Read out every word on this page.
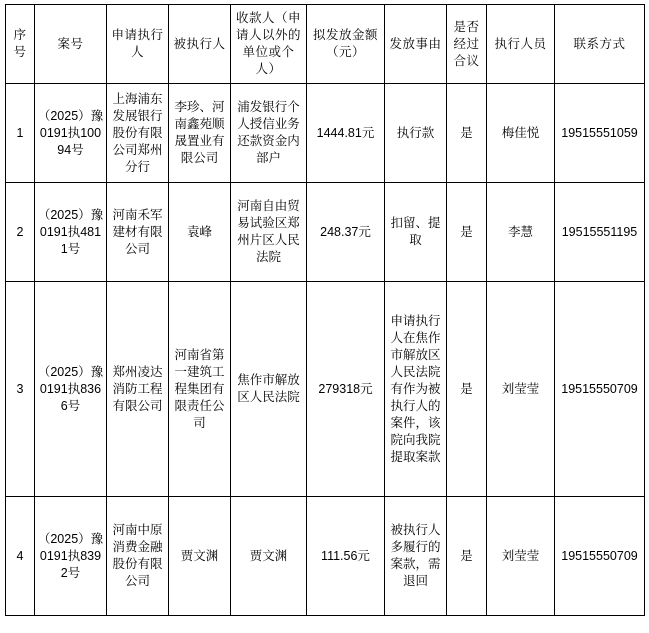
序号	案号	申请执行人	被执行人	收款人（申请人以外的单位或个人）	拟发放金额（元）	发放事由	是否经过合议	执行人员	联系方式
1	（2025）豫0191执10094号	上海浦东发展银行股份有限公司郑州分行	李珍、河南鑫苑顺晟置业有限公司	浦发银行个人授信业务还款资金内部户	1444.81元	执行款	是	梅佳悦	19515551059
2	（2025）豫0191执4811号	河南禾军建材有限公司	袁峰	河南自由贸易试验区郑州片区人民法院	248.37元	扣留、提取	是	李慧	19515551195
3	（2025）豫0191执8366号	郑州凌达消防工程有限公司	河南省第一建筑工程集团有限责任公司	焦作市解放区人民法院	279318元	申请执行人在焦作市解放区人民法院有作为被执行人的案件，该院向我院提取案款	是	刘莹莹	19515550709
4	（2025）豫0191执8392号	河南中原消费金融股份有限公司	贾文渊	贾文渊	111.56元	被执行人多履行的案款，需退回	是	刘莹莹	19515550709
